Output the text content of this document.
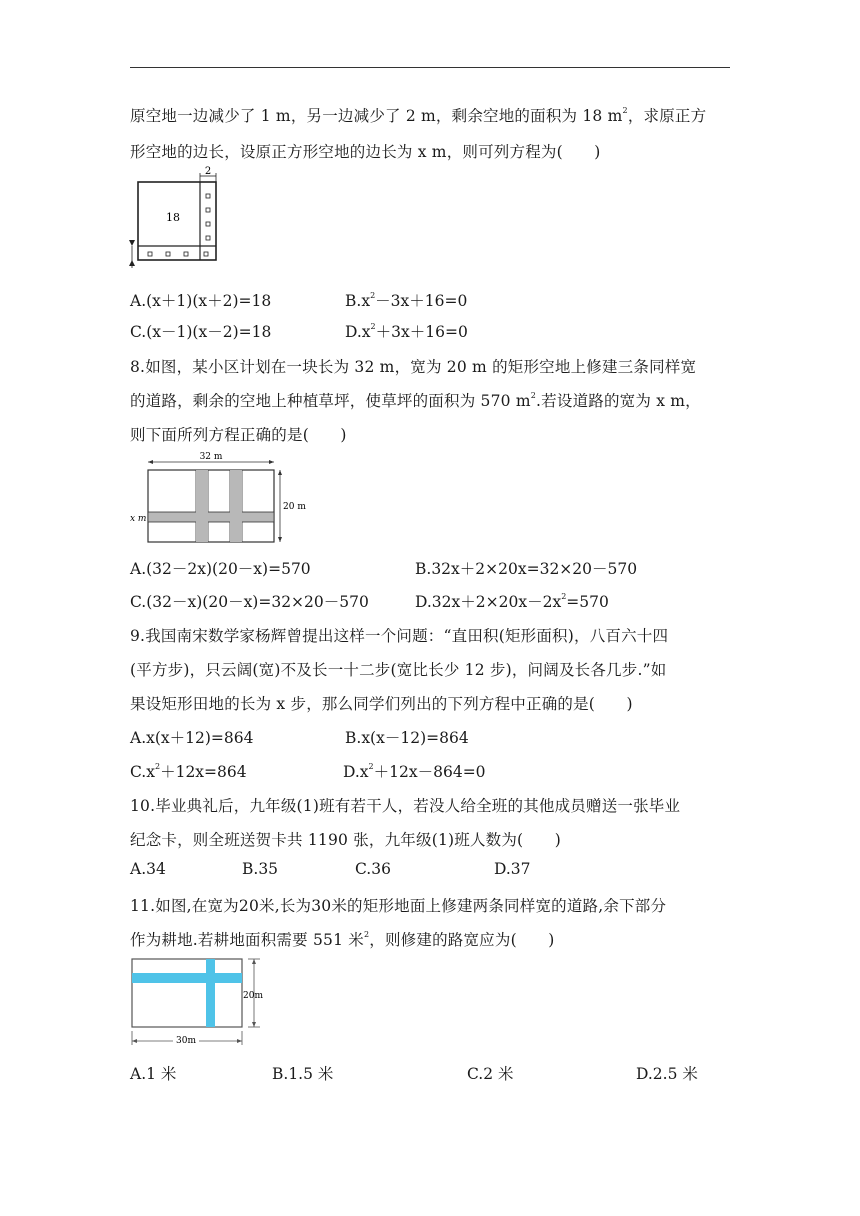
原空地一边减少了 1 m，另一边减少了 2 m，剩余空地的面积为 18 $m^2$，求原正方
形空地的边长，设原正方形空地的边长为 x m，则可列方程为(　　)
2
18
A.(x＋1)(x＋2)=18	$B.x^2-3x+16=0$
C.(x－1)(x－2)=18	$D.x^2+3x+16=0$
8.如图，某小区计划在一块长为 32 m，宽为 20 m 的矩形空地上修建三条同样宽
的道路，剩余的空地上种植草坪，使草坪的面积为 570 $m^2$.若设道路的宽为 x m，
则下面所列方程正确的是(　　)
32 m
20 m
x m
A.(32－2x)(20－x)=570	B.32x＋2×20x=32×20－570
C.(32－x)(20－x)=32×20－570	$D.32x+2\times 20x-2x^2=570$
9.我国南宋数学家杨辉曾提出这样一个问题：“直田积(矩形面积)，八百六十四
(平方步)，只云阔(宽)不及长一十二步(宽比长少 12 步)，问阔及长各几步.”如
果设矩形田地的长为 x 步，那么同学们列出的下列方程中正确的是(　　)
A.x(x＋12)=864	B.x(x－12)=864
$C.x^2+12x=864$	$D.x^2+12x-864=0$
10.毕业典礼后，九年级(1)班有若干人，若没人给全班的其他成员赠送一张毕业
纪念卡，则全班送贺卡共 1190 张，九年级(1)班人数为(　　)
A.34	B.35	C.36	D.37
11.如图,在宽为20米,长为30米的矩形地面上修建两条同样宽的道路,余下部分
作为耕地.若耕地面积需要 551 米$^2$，则修建的路宽应为(　　)
20m
30m
A.1 米	B.1.5 米	C.2 米	D.2.5 米
